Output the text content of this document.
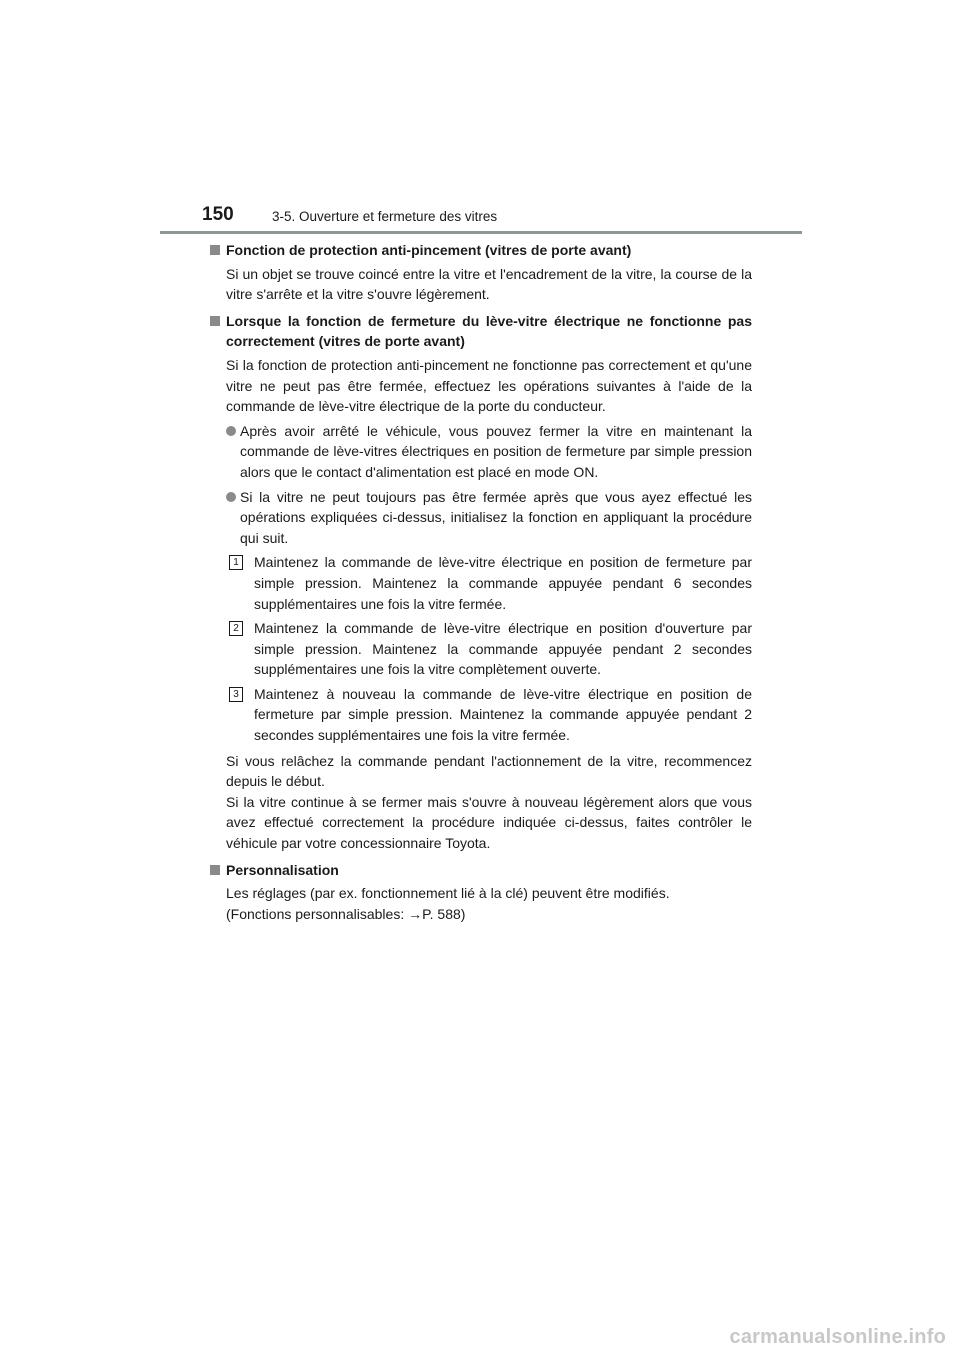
150	3-5. Ouverture et fermeture des vitres
Fonction de protection anti-pincement (vitres de porte avant)
Si un objet se trouve coincé entre la vitre et l'encadrement de la vitre, la course de la vitre s'arrête et la vitre s'ouvre légèrement.
Lorsque la fonction de fermeture du lève-vitre électrique ne fonctionne pas correctement (vitres de porte avant)
Si la fonction de protection anti-pincement ne fonctionne pas correctement et qu'une vitre ne peut pas être fermée, effectuez les opérations suivantes à l'aide de la commande de lève-vitre électrique de la porte du conducteur.
Après avoir arrêté le véhicule, vous pouvez fermer la vitre en maintenant la commande de lève-vitres électriques en position de fermeture par simple pression alors que le contact d'alimentation est placé en mode ON.
Si la vitre ne peut toujours pas être fermée après que vous ayez effectué les opérations expliquées ci-dessus, initialisez la fonction en appliquant la procédure qui suit.
1	Maintenez la commande de lève-vitre électrique en position de fermeture par simple pression. Maintenez la commande appuyée pendant 6 secondes supplémentaires une fois la vitre fermée.
2	Maintenez la commande de lève-vitre électrique en position d'ouverture par simple pression. Maintenez la commande appuyée pendant 2 secondes supplémentaires une fois la vitre complètement ouverte.
3	Maintenez à nouveau la commande de lève-vitre électrique en position de fermeture par simple pression. Maintenez la commande appuyée pendant 2 secondes supplémentaires une fois la vitre fermée.
Si vous relâchez la commande pendant l'actionnement de la vitre, recommencez depuis le début.
Si la vitre continue à se fermer mais s'ouvre à nouveau légèrement alors que vous avez effectué correctement la procédure indiquée ci-dessus, faites contrôler le véhicule par votre concessionnaire Toyota.
Personnalisation
Les réglages (par ex. fonctionnement lié à la clé) peuvent être modifiés.
(Fonctions personnalisables: →P. 588)
carmanualsonline.info
